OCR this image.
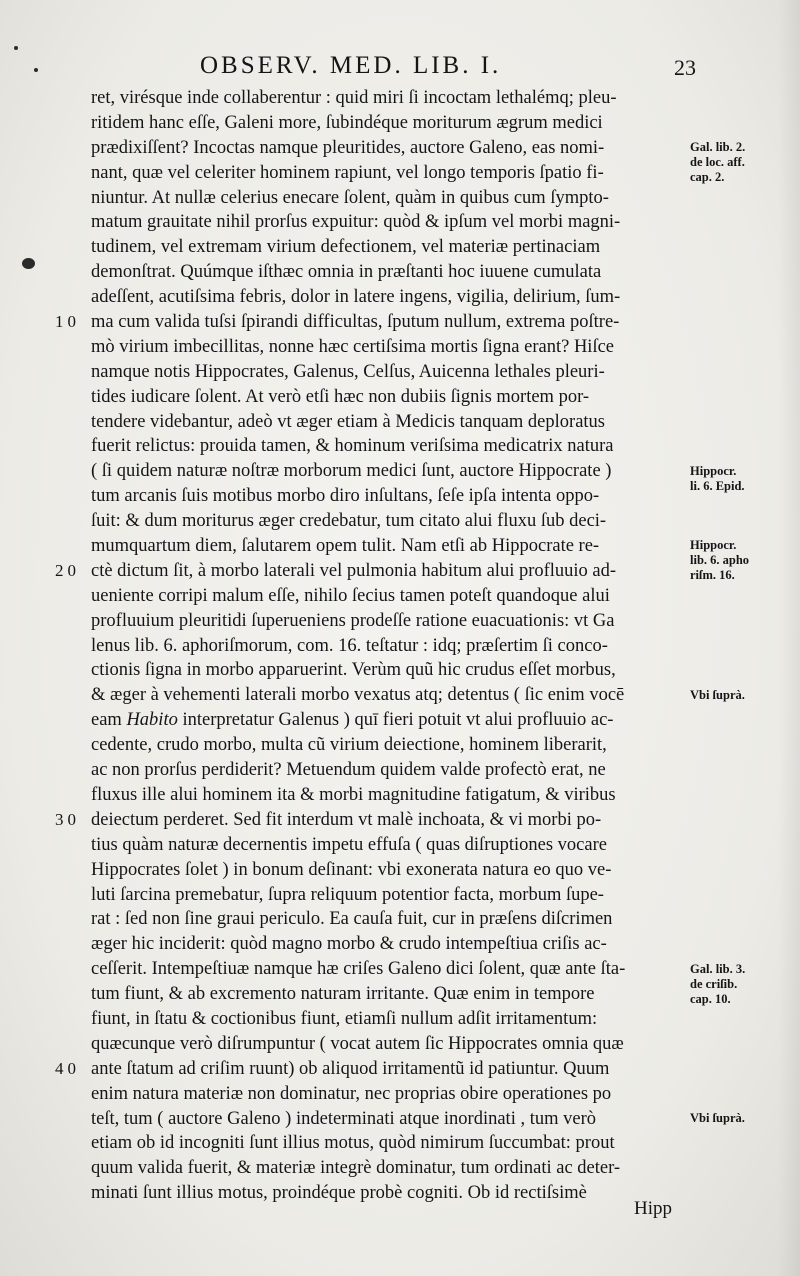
OBSERV. MED. LIB. I.	23
ret, virésque inde collaberentur : quid miri ſi incoctam lethalémq; pleu-
ritidem hanc eſſe, Galeni more, ſubindéque moriturum ægrum medici
prædixiſſent? Incoctas namque pleuritides, auctore Galeno, eas nomi-
nant, quæ vel celeriter hominem rapiunt, vel longo temporis ſpatio fi-
niuntur. At nullæ celerius enecare ſolent, quàm in quibus cum ſympto-
matum grauitate nihil prorſus expuitur: quòd & ipſum vel morbi magni-
tudinem, vel extremam virium defectionem, vel materiæ pertinaciam
demonſtrat. Quúmque iſthæc omnia in præſtanti hoc iuuene cumulata
adeſſent, acutiſsima febris, dolor in latere ingens, vigilia, delirium, ſum-
10 ma cum valida tuſsi ſpirandi difficultas, ſputum nullum, extrema poſtre-
mò virium imbecillitas, nonne hæc certiſsima mortis ſigna erant? Hiſce
namque notis Hippocrates, Galenus, Celſus, Auicenna lethales pleuri-
tides iudicare ſolent. At verò etſi hæc non dubiis ſignis mortem por-
tendere videbantur, adeò vt æger etiam à Medicis tanquam deploratus
fuerit relictus: prouida tamen, & hominum veriſsima medicatrix natura
( ſi quidem naturæ noſtræ morborum medici ſunt, auctore Hippocrate )
tum arcanis ſuis motibus morbo diro inſultans, ſeſe ipſa intenta oppo-
ſuit: & dum moriturus æger credebatur, tum citato alui fluxu ſub deci-
mumquartum diem, ſalutarem opem tulit. Nam etſi ab Hippocrate re-
20 ctè dictum ſit, à morbo laterali vel pulmonia habitum alui profluuio ad-
ueniente corripi malum eſſe, nihilo ſecius tamen poteſt quandoque alui
profluuium pleuritidi ſuperueniens prodeſſe ratione euacuationis: vt Ga
lenus lib. 6. aphoriſmorum, com. 16. teſtatur : idq; præſertim ſi conco-
ctionis ſigna in morbo apparuerint. Verùm quũ hic crudus eſſet morbus,
& æger à vehementi laterali morbo vexatus atq; detentus ( ſic enim vocē
eam Habito interpretatur Galenus ) quī fieri potuit vt alui profluuio ac-
cedente, crudo morbo, multa cũ virium deiectione, hominem liberarit,
ac non prorſus perdiderit? Metuendum quidem valde profectò erat, ne
fluxus ille alui hominem ita & morbi magnitudine fatigatum, & viribus
30 deiectum perderet. Sed fit interdum vt malè inchoata, & vi morbi po-
tius quàm naturæ decernentis impetu effuſa ( quas diſruptiones vocare
Hippocrates ſolet ) in bonum deſinant: vbi exonerata natura eo quo ve-
luti ſarcina premebatur, ſupra reliquum potentior facta, morbum ſupe-
rat : ſed non ſine graui periculo. Ea cauſa fuit, cur in præſens diſcrimen
æger hic inciderit: quòd magno morbo & crudo intempeſtiua criſis ac-
ceſſerit. Intempeſtiuæ namque hæ criſes Galeno dici ſolent, quæ ante ſta-
tum fiunt, & ab excremento naturam irritante. Quæ enim in tempore
fiunt, in ſtatu & coctionibus fiunt, etiamſi nullum adſit irritamentum:
quæcunque verò diſrumpuntur ( vocat autem ſic Hippocrates omnia quæ
40 ante ſtatum ad criſim ruunt) ob aliquod irritamentũ id patiuntur. Quum
enim natura materiæ non dominatur, nec proprias obire operationes po
teſt, tum ( auctore Galeno ) indeterminati atque inordinati , tum verò
etiam ob id incogniti ſunt illius motus, quòd nimirum ſuccumbat: prout
quum valida fuerit, & materiæ integrè dominatur, tum ordinati ac deter-
minati ſunt illius motus, proindéque probè cogniti. Ob id rectiſsimè
Gal. lib. 2.
de loc. aff.
cap. 2.
Hippocr.
li. 6. Epid.
Hippocr.
lib. 6. apho
riſm. 16.
Vbi ſuprà.
Gal. lib. 3.
de criſib.
cap. 10.
Vbi ſuprà.
Hipp
